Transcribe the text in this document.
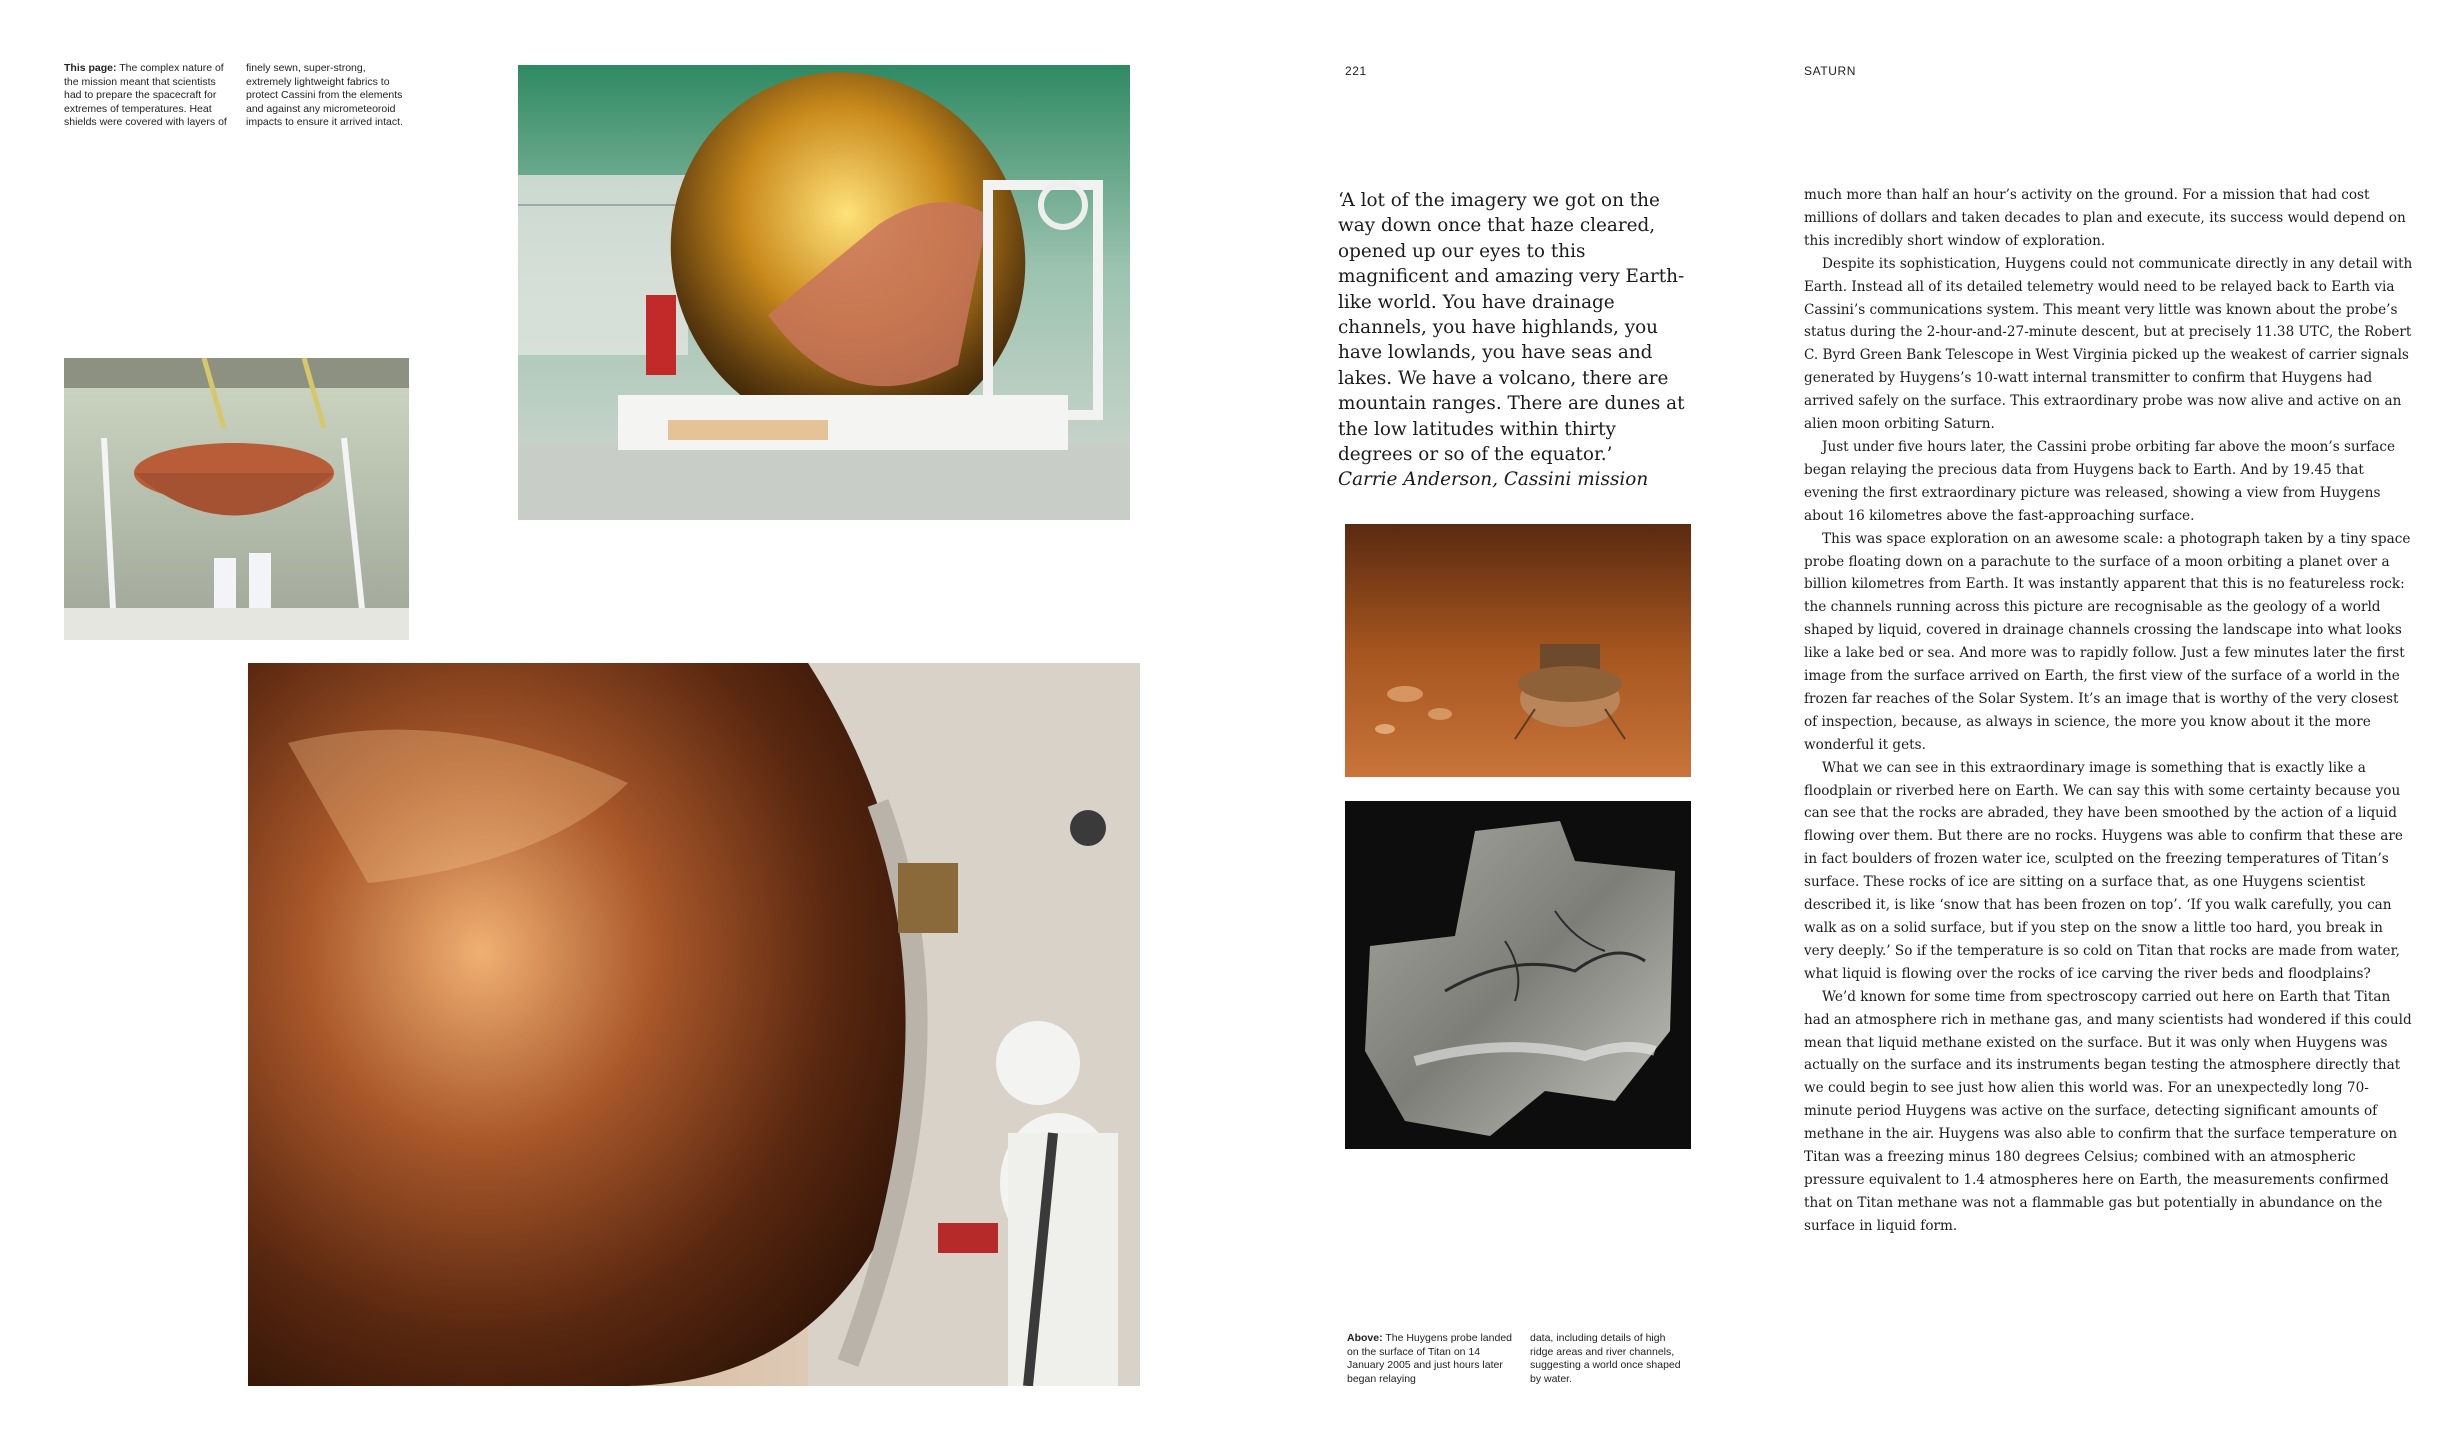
This page: The complex nature of the mission meant that scientists had to prepare the spacecraft for extremes of temperatures. Heat shields were covered with layers of
finely sewn, super-strong, extremely lightweight fabrics to protect Cassini from the elements and against any micrometeoroid impacts to ensure it arrived intact.
221	SATURN
‘A lot of the imagery we got on the way down once that haze cleared, opened up our eyes to this magnificent and amazing very Earth-like world. You have drainage channels, you have highlands, you have lowlands, you have seas and lakes. We have a volcano, there are mountain ranges. There are dunes at the low latitudes within thirty degrees or so of the equator.’
Carrie Anderson, Cassini mission
Above: The Huygens probe landed on the surface of Titan on 14 January 2005 and just hours later began relaying
data, including details of high ridge areas and river channels, suggesting a world once shaped by water.

much more than half an hour’s activity on the ground. For a mission that had cost millions of dollars and taken decades to plan and execute, its success would depend on this incredibly short window of exploration.

Despite its sophistication, Huygens could not communicate directly in any detail with Earth. Instead all of its detailed telemetry would need to be relayed back to Earth via Cassini’s communications system. This meant very little was known about the probe’s status during the 2-hour-and-27-minute descent, but at precisely 11.38 UTC, the Robert C. Byrd Green Bank Telescope in West Virginia picked up the weakest of carrier signals generated by Huygens’s 10-watt internal transmitter to confirm that Huygens had arrived safely on the surface. This extraordinary probe was now alive and active on an alien moon orbiting Saturn.

Just under five hours later, the Cassini probe orbiting far above the moon’s surface began relaying the precious data from Huygens back to Earth. And by 19.45 that evening the first extraordinary picture was released, showing a view from Huygens about 16 kilometres above the fast-approaching surface.

This was space exploration on an awesome scale: a photograph taken by a tiny space probe floating down on a parachute to the surface of a moon orbiting a planet over a billion kilometres from Earth. It was instantly apparent that this is no featureless rock: the channels running across this picture are recognisable as the geology of a world shaped by liquid, covered in drainage channels crossing the landscape into what looks like a lake bed or sea. And more was to rapidly follow. Just a few minutes later the first image from the surface arrived on Earth, the first view of the surface of a world in the frozen far reaches of the Solar System. It’s an image that is worthy of the very closest of inspection, because, as always in science, the more you know about it the more wonderful it gets.

What we can see in this extraordinary image is something that is exactly like a floodplain or riverbed here on Earth. We can say this with some certainty because you can see that the rocks are abraded, they have been smoothed by the action of a liquid flowing over them. But there are no rocks. Huygens was able to confirm that these are in fact boulders of frozen water ice, sculpted on the freezing temperatures of Titan’s surface. These rocks of ice are sitting on a surface that, as one Huygens scientist described it, is like ‘snow that has been frozen on top’. ‘If you walk carefully, you can walk as on a solid surface, but if you step on the snow a little too hard, you break in very deeply.’ So if the temperature is so cold on Titan that rocks are made from water, what liquid is flowing over the rocks of ice carving the river beds and floodplains?

We’d known for some time from spectroscopy carried out here on Earth that Titan had an atmosphere rich in methane gas, and many scientists had wondered if this could mean that liquid methane existed on the surface. But it was only when Huygens was actually on the surface and its instruments began testing the atmosphere directly that we could begin to see just how alien this world was. For an unexpectedly long 70-minute period Huygens was active on the surface, detecting significant amounts of methane in the air. Huygens was also able to confirm that the surface temperature on Titan was a freezing minus 180 degrees Celsius; combined with an atmospheric pressure equivalent to 1.4 atmospheres here on Earth, the measurements confirmed that on Titan methane was not a flammable gas but potentially in abundance on the surface in liquid form.
